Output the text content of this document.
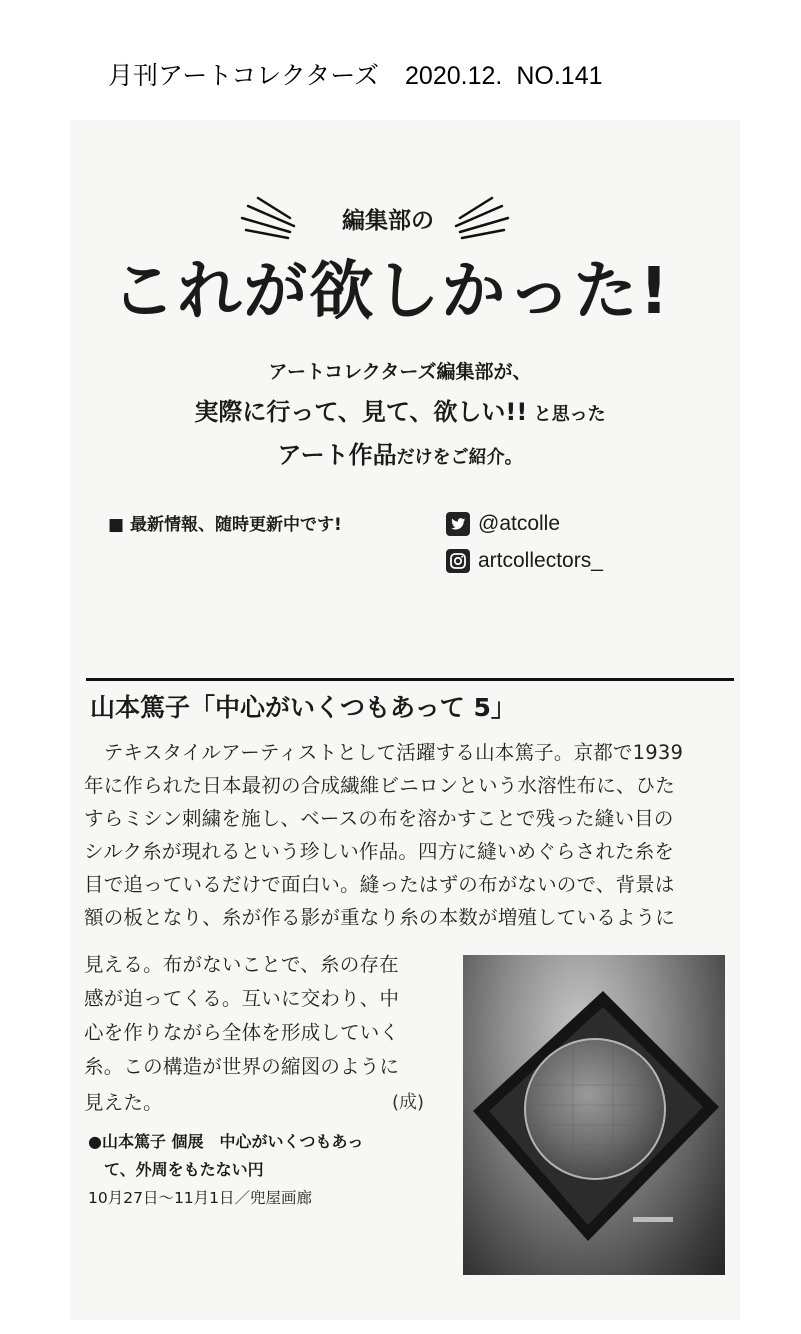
月刊アートコレクターズ 2020.12. NO.141
編集部の
これが欲しかった!
アートコレクターズ編集部が、
実際に行って、見て、欲しい!! と思った
アート作品だけをご紹介。
■ 最新情報、随時更新中です!	@atcolle
artcollectors_
山本篤子「中心がいくつもあって 5」
　テキスタイルアーティストとして活躍する山本篤子。京都で1939
年に作られた日本最初の合成繊維ビニロンという水溶性布に、ひた
すらミシン刺繍を施し、ベースの布を溶かすことで残った縫い目の
シルク糸が現れるという珍しい作品。四方に縫いめぐらされた糸を
目で追っているだけで面白い。縫ったはずの布がないので、背景は
額の板となり、糸が作る影が重なり糸の本数が増殖しているように
見える。布がないことで、糸の存在
感が迫ってくる。互いに交わり、中
心を作りながら全体を形成していく
糸。この構造が世界の縮図のように
見えた。	(成)
●山本篤子 個展　中心がいくつもあっ
　て、外周をもたない円
10月27日〜11月1日／兜屋画廊
